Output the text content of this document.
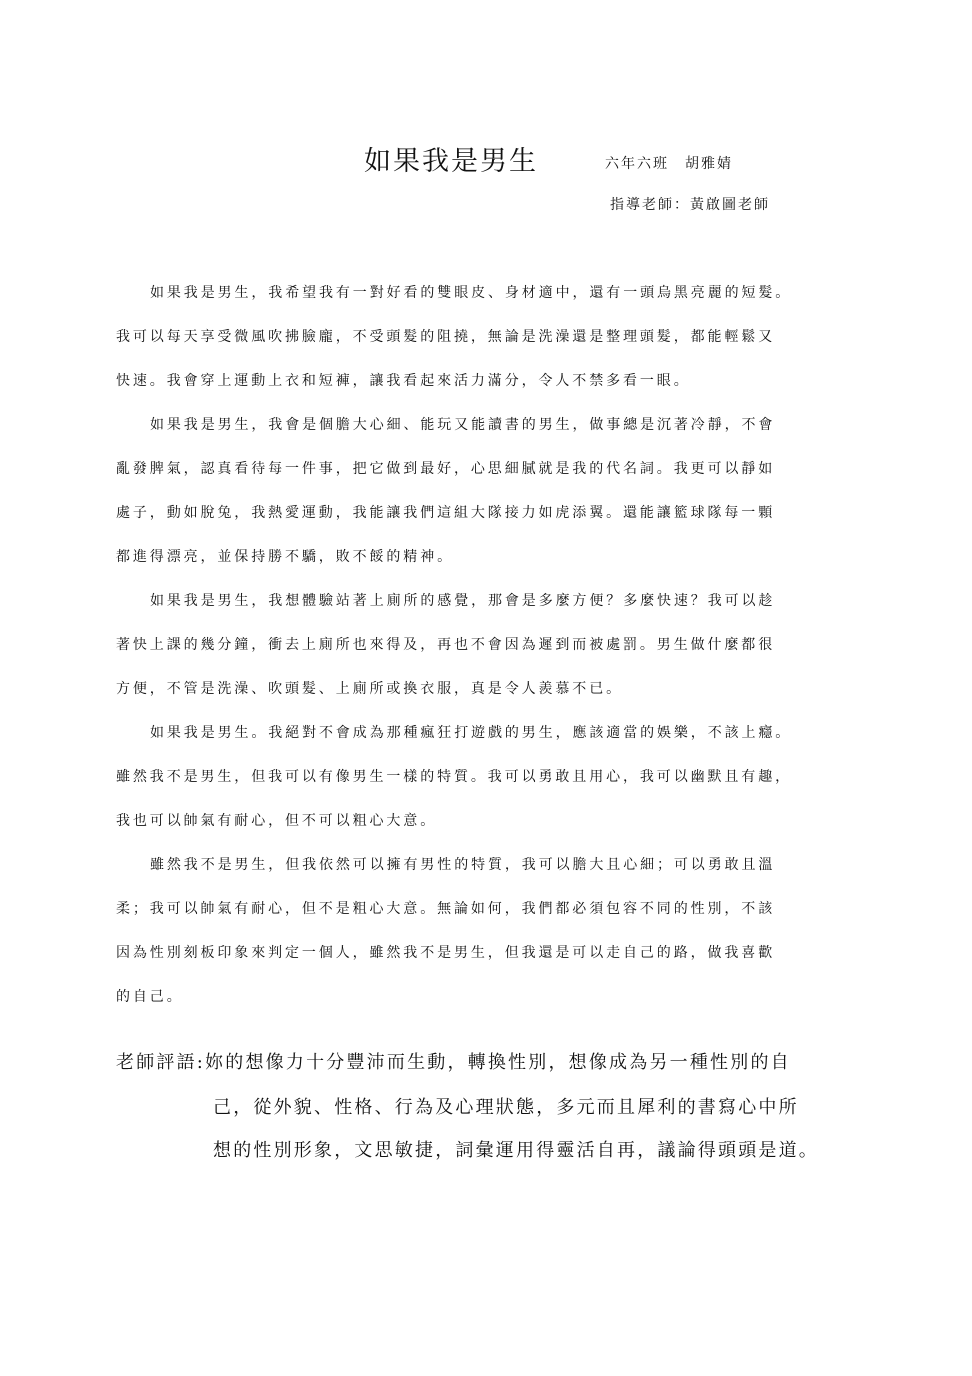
如果我是男生	六年六班　胡雅婧
指導老師：黃啟圖老師
如果我是男生，我希望我有一對好看的雙眼皮、身材適中，還有一頭烏黑亮麗的短髮。
我可以每天享受微風吹拂臉龐，不受頭髮的阻撓，無論是洗澡還是整理頭髮，都能輕鬆又
快速。我會穿上運動上衣和短褲，讓我看起來活力滿分，令人不禁多看一眼。
如果我是男生，我會是個膽大心細、能玩又能讀書的男生，做事總是沉著冷靜，不會
亂發脾氣，認真看待每一件事，把它做到最好，心思細膩就是我的代名詞。我更可以靜如
處子，動如脫兔，我熱愛運動，我能讓我們這組大隊接力如虎添翼。還能讓籃球隊每一顆
都進得漂亮，並保持勝不驕，敗不餒的精神。
如果我是男生，我想體驗站著上廁所的感覺，那會是多麼方便？多麼快速？我可以趁
著快上課的幾分鐘，衝去上廁所也來得及，再也不會因為遲到而被處罰。男生做什麼都很
方便，不管是洗澡、吹頭髮、上廁所或換衣服，真是令人羨慕不已。
如果我是男生。我絕對不會成為那種瘋狂打遊戲的男生，應該適當的娛樂，不該上癮。
雖然我不是男生，但我可以有像男生一樣的特質。我可以勇敢且用心，我可以幽默且有趣，
我也可以帥氣有耐心，但不可以粗心大意。
雖然我不是男生，但我依然可以擁有男性的特質，我可以膽大且心細；可以勇敢且溫
柔；我可以帥氣有耐心，但不是粗心大意。無論如何，我們都必須包容不同的性別，不該
因為性別刻板印象來判定一個人，雖然我不是男生，但我還是可以走自己的路，做我喜歡
的自己。
老師評語:妳的想像力十分豐沛而生動，轉換性別，想像成為另一種性別的自
己，從外貌、性格、行為及心理狀態，多元而且犀利的書寫心中所
想的性別形象，文思敏捷，詞彙運用得靈活自再，議論得頭頭是道。
